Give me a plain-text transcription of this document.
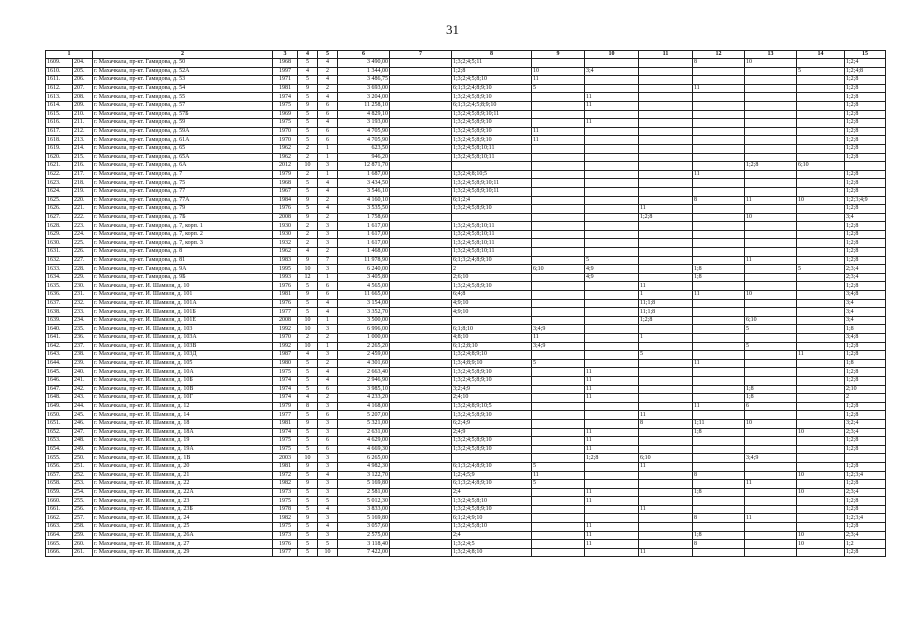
31
1		2	3	4	5	6	7	8	9	10	11	12	13	14	15
1609.	204.	г. Махачкала, пр-кт. Гамидова, д. 50	1968	5	4	3 490,00		1;3;2;4;5;11				8	10		1;2;4
1610.	205.	г. Махачкала, пр-кт. Гамидова, д. 52А	1997	4	2	1 344,00		1;2;8	10	3;4				5	1;2;4;8
1611.	206.	г. Махачкала, пр-кт. Гамидова, д. 53	1971	5	4	3 486,75		1;3;2;4;5;8;10	11						1;2;8
1612.	207.	г. Махачкала, пр-кт. Гамидова, д. 54	1981	9	2	3 693,00		6;1;3;2;4;8;9;10	5			11			1;2;8
1613.	208.	г. Махачкала, пр-кт. Гамидова, д. 55	1974	5	4	3 204,00		1;3;2;4;5;8;9;10		11					1;2;8
1614.	209.	г. Махачкала, пр-кт. Гамидова, д. 57	1975	9	6	11 258,10		6;1;3;2;4;5;8;9;10		11					1;2;8
1615.	210.	г. Махачкала, пр-кт. Гамидова, д. 57Б	1969	5	6	4 829,10		1;3;2;4;5;8;9;10;11							1;2;8
1616.	211.	г. Махачкала, пр-кт. Гамидова, д. 59	1975	5	4	3 193,00		1;3;2;4;5;8;9;10		11					1;2;8
1617.	212.	г. Махачкала, пр-кт. Гамидова, д. 59А	1970	5	6	4 705,90		1;3;2;4;5;8;9;10	11						1;2;8
1618.	213.	г. Махачкала, пр-кт. Гамидова, д. 61А	1970	5	6	4 705,90		1;3;2;4;5;8;9;10	11						1;2;8
1619.	214.	г. Махачкала, пр-кт. Гамидова, д. 65	1962	2	1	623,50		1;3;2;4;5;8;10;11							1;2;8
1620.	215.	г. Махачкала, пр-кт. Гамидова, д. 65А	1962	2	1	946,20		1;3;2;4;5;8;10;11							1;2;8
1621.	216.	г. Махачкала, пр-кт. Гамидова, д. 6А	2012	10	3	12 871,70							1;2;8	6;10	
1622.	217.	г. Махачкала, пр-кт. Гамидова, д. 7	1979	2	1	1 687,00		1;3;2;4;8;10;5				11			1;2;8
1623.	218.	г. Махачкала, пр-кт. Гамидова, д. 75	1968	5	4	3 434,50		1;3;2;4;5;8;9;10;11							1;2;8
1624.	219.	г. Махачкала, пр-кт. Гамидова, д. 77	1967	5	4	3 546,10		1;3;2;4;5;8;9;10;11							1;2;8
1625.	220.	г. Махачкала, пр-кт. Гамидова, д. 77А	1984	9	2	4 160,10		6;1;2;4				8	11	10	1;2;3;4;9
1626.	221.	г. Махачкала, пр-кт. Гамидова, д. 79	1976	5	4	3 535,50		1;3;2;4;5;8;9;10			11				1;2;8
1627.	222.	г. Махачкала, пр-кт. Гамидова, д. 7Б	2008	9	2	1 758,60					1;2;8		10		3;4
1628.	223.	г. Махачкала, пр-кт. Гамидова, д. 7, корп. 1	1930	2	3	1 617,00		1;3;2;4;5;8;10;11							1;2;8
1629.	224.	г. Махачкала, пр-кт. Гамидова, д. 7, корп. 2	1930	2	3	1 617,00		1;3;2;4;5;8;10;11							1;2;8
1630.	225.	г. Махачкала, пр-кт. Гамидова, д. 7, корп. 3	1932	2	3	1 617,00		1;3;2;4;5;8;10;11							1;2;8
1631.	226.	г. Махачкала, пр-кт. Гамидова, д. 8	1962	4	2	1 468,00		1;3;2;4;5;8;10;11							1;2;8
1632.	227.	г. Махачкала, пр-кт. Гамидова, д. 81	1983	9	7	11 978,90		6;1;3;2;4;8;9;10		5			11		1;2;8
1633.	228.	г. Махачкала, пр-кт. Гамидова, д. 9А	1995	10	3	6 240,00		2	6;10	4;9		1;8		5	2;3;4
1634.	229.	г. Махачкала, пр-кт. Гамидова, д. 9Б	1993	12	1	3 405,80		2;6;10		4;9		1;8			2;3;4
1635.	230.	г. Махачкала, пр-кт. И. Шамиля, д. 10	1976	5	6	4 565,00		1;3;2;4;5;8;9;10			11				1;2;8
1636.	231.	г. Махачкала, пр-кт. И. Шамиля, д. 101	1981	9	6	11 665,00		6;4;8			1	11	10		3;4;8
1637.	232.	г. Махачкала, пр-кт. И. Шамиля, д. 101А	1976	5	4	3 154,00		4;9;10			11;1;8				3;4
1638.	233.	г. Махачкала, пр-кт. И. Шамиля, д. 101Б	1977	5	4	3 352,70		4;9;10			11;1;8				3;4
1639.	234.	г. Махачкала, пр-кт. И. Шамиля, д. 101Е	2008	10	1	3 500,00					1;2;8		6;10		3;4
1640.	235.	г. Махачкала, пр-кт. И. Шамиля, д. 103	1992	10	3	6 996,00		6;1;8;10	3;4;9				5		1;8
1641.	236.	г. Махачкала, пр-кт. И. Шамиля, д. 103А	1970	2	2	1 000,00		4;8;10	11		1				3;4;8
1642.	237.	г. Махачкала, пр-кт. И. Шамиля, д. 103В	1992	10	1	2 265,20		6;1;2;8;10	3;4;9				5		1;2;8
1643.	238.	г. Махачкала, пр-кт. И. Шамиля, д. 103Д	1987	4	3	2 459,00		1;3;2;4;8;9;10			5			11	1;2;8
1644.	239.	г. Махачкала, пр-кт. И. Шамиля, д. 105	1980	5	2	4 301,60		1;3;4;8;9;10	5			11			1;8
1645.	240.	г. Махачкала, пр-кт. И. Шамиля, д. 10А	1975	5	4	2 663,40		1;3;2;4;5;8;9;10		11					1;2;8
1646.	241.	г. Махачкала, пр-кт. И. Шамиля, д. 10Б	1974	5	4	2 946,90		1;3;2;4;5;8;9;10		11					1;2;8
1647.	242.	г. Махачкала, пр-кт. И. Шамиля, д. 10В	1974	5	6	3 985,10		3;2;4;9		11			1;8		2;10
1648.	243.	г. Махачкала, пр-кт. И. Шамиля, д. 10Г	1974	4	2	4 233,20		2;4;10		11			1;8		2
1649.	244.	г. Махачкала, пр-кт. И. Шамиля, д. 12	1979	8	3	4 168,00		1;3;2;4;8;9;10;5				11	6		1;2;8
1650.	245.	г. Махачкала, пр-кт. И. Шамиля, д. 14	1977	5	6	5 207,00		1;3;2;4;5;8;9;10			11				1;2;8
1651.	246.	г. Махачкала, пр-кт. И. Шамиля, д. 18	1981	9	3	5 321,00		6;2;4;9			8	1;11	10		3;2;4
1652.	247.	г. Махачкала, пр-кт. И. Шамиля, д. 18А	1974	5	3	2 631,00		2;4;9		11		1;8		10	2;3;4
1653.	248.	г. Махачкала, пр-кт. И. Шамиля, д. 19	1975	5	6	4 629,00		1;3;2;4;5;8;9;10		11					1;2;8
1654.	249.	г. Махачкала, пр-кт. И. Шамиля, д. 19А	1975	5	6	4 669,30		1;3;2;4;5;8;9;10		11					1;2;8
1655.	250.	г. Махачкала, пр-кт. И. Шамиля, д. 1В	2003	10	3	6 265,00				1;2;8	6;10		3;4;9		
1656.	251.	г. Махачкала, пр-кт. И. Шамиля, д. 20	1981	9	3	4 982,30		6;1;3;2;4;8;9;10	5		11				1;2;8
1657.	252.	г. Махачкала, пр-кт. И. Шамиля, д. 21	1972	5	4	3 122,70		1;2;4;5;9	11			8		10	1;2;3;4
1658.	253.	г. Махачкала, пр-кт. И. Шамиля, д. 22	1982	9	3	5 169,80		6;1;3;2;4;8;9;10	5				11		1;2;8
1659.	254.	г. Махачкала, пр-кт. И. Шамиля, д. 22А	1973	5	3	2 581,00		2;4		11		1;8		10	2;3;4
1660.	255.	г. Махачкала, пр-кт. И. Шамиля, д. 23	1975	5	5	5 012,30		1;3;2;4;5;8;10		11					1;2;8
1661.	256.	г. Махачкала, пр-кт. И. Шамиля, д. 23Б	1978	5	4	3 833,00		1;3;2;4;5;8;9;10			11				1;2;8
1662.	257.	г. Махачкала, пр-кт. И. Шамиля, д. 24	1982	9	3	5 169,80		6;1;2;4;9;10				8	11		1;2;3;4
1663.	258.	г. Махачкала, пр-кт. И. Шамиля, д. 25	1975	5	4	3 057,60		1;3;2;4;5;8;10		11					1;2;8
1664.	259.	г. Махачкала, пр-кт. И. Шамиля, д. 26А	1973	5	3	2 575,00		2;4		11		1;8		10	2;3;4
1665.	260.	г. Махачкала, пр-кт. И. Шамиля, д. 27	1976	5	5	3 118,40		1;3;2;4;5		11		8		10	1;2
1666.	261.	г. Махачкала, пр-кт. И. Шамиля, д. 29	1977	5	10	7 422,00		1;3;2;4;8;10			11				1;2;8
